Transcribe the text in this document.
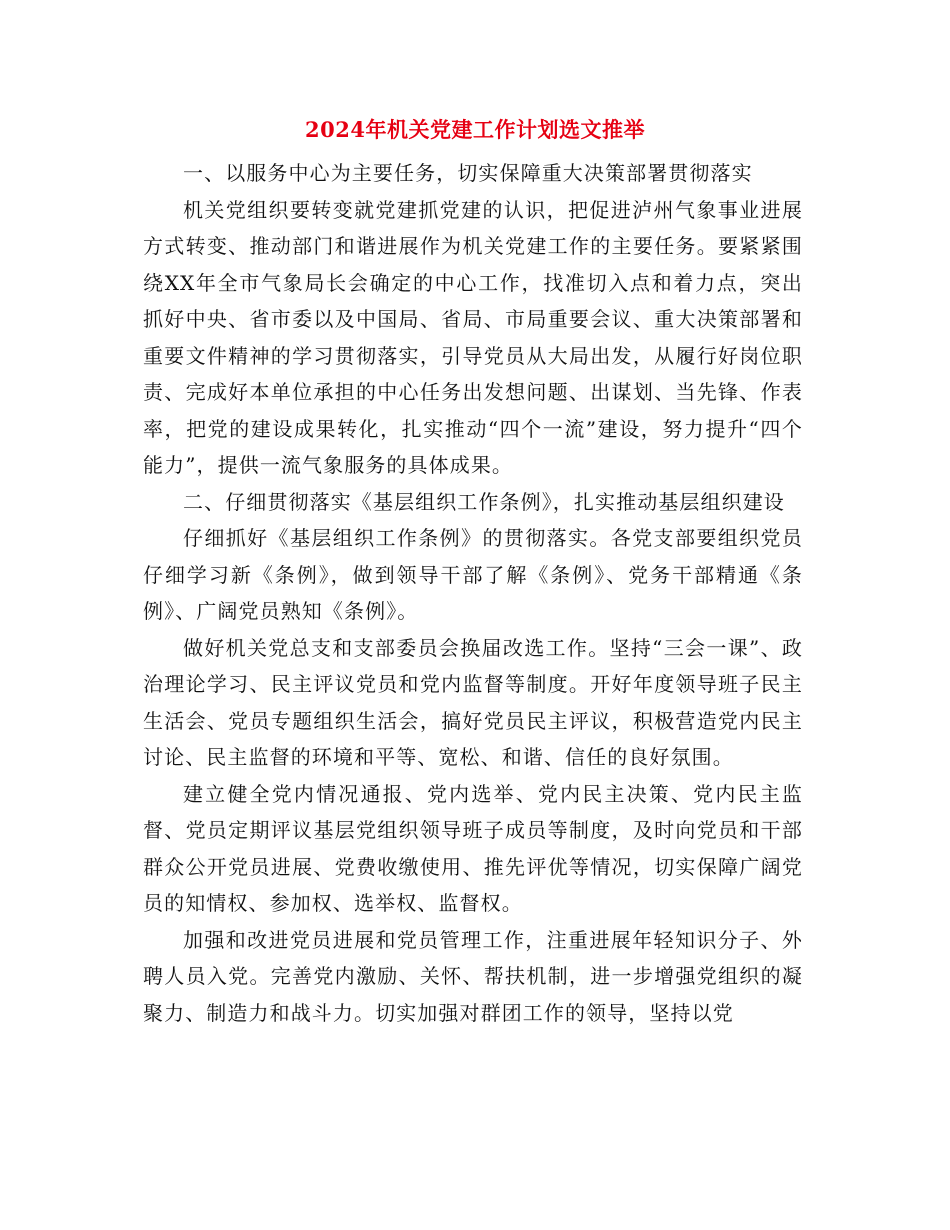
2024年机关党建工作计划选文推举

一、以服务中心为主要任务，切实保障重大决策部署贯彻落实

机关党组织要转变就党建抓党建的认识，把促进泸州气象事业进展方式转变、推动部门和谐进展作为机关党建工作的主要任务。要紧紧围绕XX年全市气象局长会确定的中心工作，找准切入点和着力点，突出抓好中央、省市委以及中国局、省局、市局重要会议、重大决策部署和重要文件精神的学习贯彻落实，引导党员从大局出发，从履行好岗位职责、完成好本单位承担的中心任务出发想问题、出谋划、当先锋、作表率，把党的建设成果转化，扎实推动“四个一流”建设，努力提升“四个能力”，提供一流气象服务的具体成果。

二、仔细贯彻落实《基层组织工作条例》，扎实推动基层组织建设

仔细抓好《基层组织工作条例》的贯彻落实。各党支部要组织党员仔细学习新《条例》，做到领导干部了解《条例》、党务干部精通《条例》、广阔党员熟知《条例》。

做好机关党总支和支部委员会换届改选工作。坚持“三会一课”、政治理论学习、民主评议党员和党内监督等制度。开好年度领导班子民主生活会、党员专题组织生活会，搞好党员民主评议，积极营造党内民主讨论、民主监督的环境和平等、宽松、和谐、信任的良好氛围。

建立健全党内情况通报、党内选举、党内民主决策、党内民主监督、党员定期评议基层党组织领导班子成员等制度，及时向党员和干部群众公开党员进展、党费收缴使用、推先评优等情况，切实保障广阔党员的知情权、参加权、选举权、监督权。

加强和改进党员进展和党员管理工作，注重进展年轻知识分子、外聘人员入党。完善党内激励、关怀、帮扶机制，进一步增强党组织的凝聚力、制造力和战斗力。切实加强对群团工作的领导，坚持以党
